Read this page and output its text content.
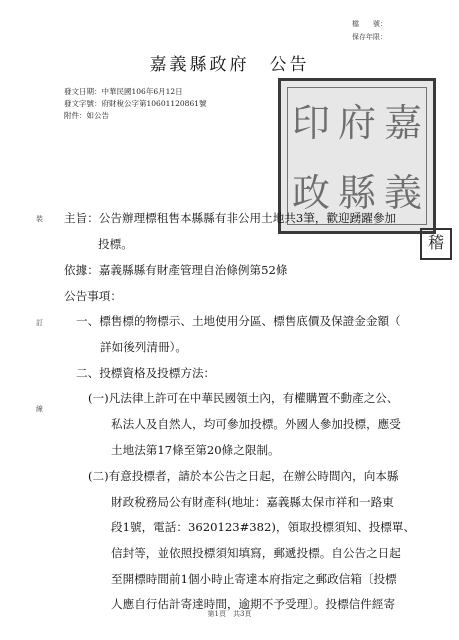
檔　　號：
保存年限：
嘉義縣政府　公告
發文日期：中華民國106年6月12日
發文字號：府財稅公字第10601120861號
附件：如公告	印 府 嘉
政 縣 義
稽
裝
訂
線
主旨：公告辦理標租售本縣縣有非公用土地共3筆，歡迎踴躍參加
投標。
依據：嘉義縣縣有財產管理自治條例第52條
公告事項：
一、標售標的物標示、土地使用分區、標售底價及保證金金額（
詳如後列清冊）。
二、投標資格及投標方法：
(一)凡法律上許可在中華民國領土內，有權購置不動產之公、
私法人及自然人，均可參加投標。外國人參加投標，應受
土地法第17條至第20條之限制。
(二)有意投標者，請於本公告之日起，在辦公時間內，向本縣
財政稅務局公有財產科(地址：嘉義縣太保市祥和一路東
段1號，電話：3620123#382)，領取投標須知、投標單、
信封等，並依照投標須知填寫，郵遞投標。自公告之日起
至開標時間前1個小時止寄達本府指定之郵政信箱〔投標
人應自行估計寄達時間，逾期不予受理〕。投標信件經寄
第1頁　共3頁
